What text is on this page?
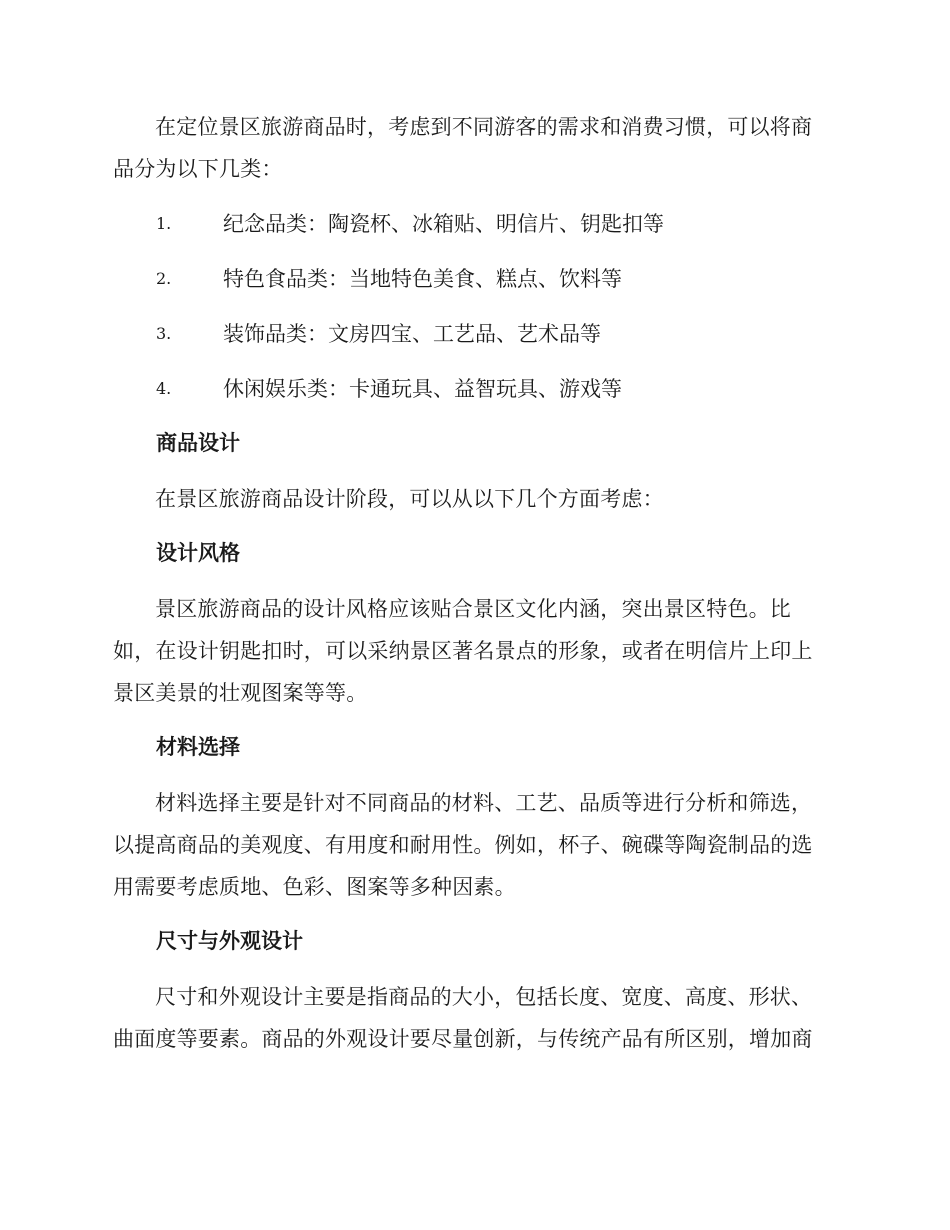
在定位景区旅游商品时，考虑到不同游客的需求和消费习惯，可以将商品分为以下几类：

1. 纪念品类：陶瓷杯、冰箱贴、明信片、钥匙扣等
2. 特色食品类：当地特色美食、糕点、饮料等
3. 装饰品类：文房四宝、工艺品、艺术品等
4. 休闲娱乐类：卡通玩具、益智玩具、游戏等
商品设计

在景区旅游商品设计阶段，可以从以下几个方面考虑：

设计风格

景区旅游商品的设计风格应该贴合景区文化内涵，突出景区特色。比如，在设计钥匙扣时，可以采纳景区著名景点的形象，或者在明信片上印上景区美景的壮观图案等等。

材料选择

材料选择主要是针对不同商品的材料、工艺、品质等进行分析和筛选，以提高商品的美观度、有用度和耐用性。例如，杯子、碗碟等陶瓷制品的选用需要考虑质地、色彩、图案等多种因素。

尺寸与外观设计

尺寸和外观设计主要是指商品的大小，包括长度、宽度、高度、形状、曲面度等要素。商品的外观设计要尽量创新，与传统产品有所区别，增加商
